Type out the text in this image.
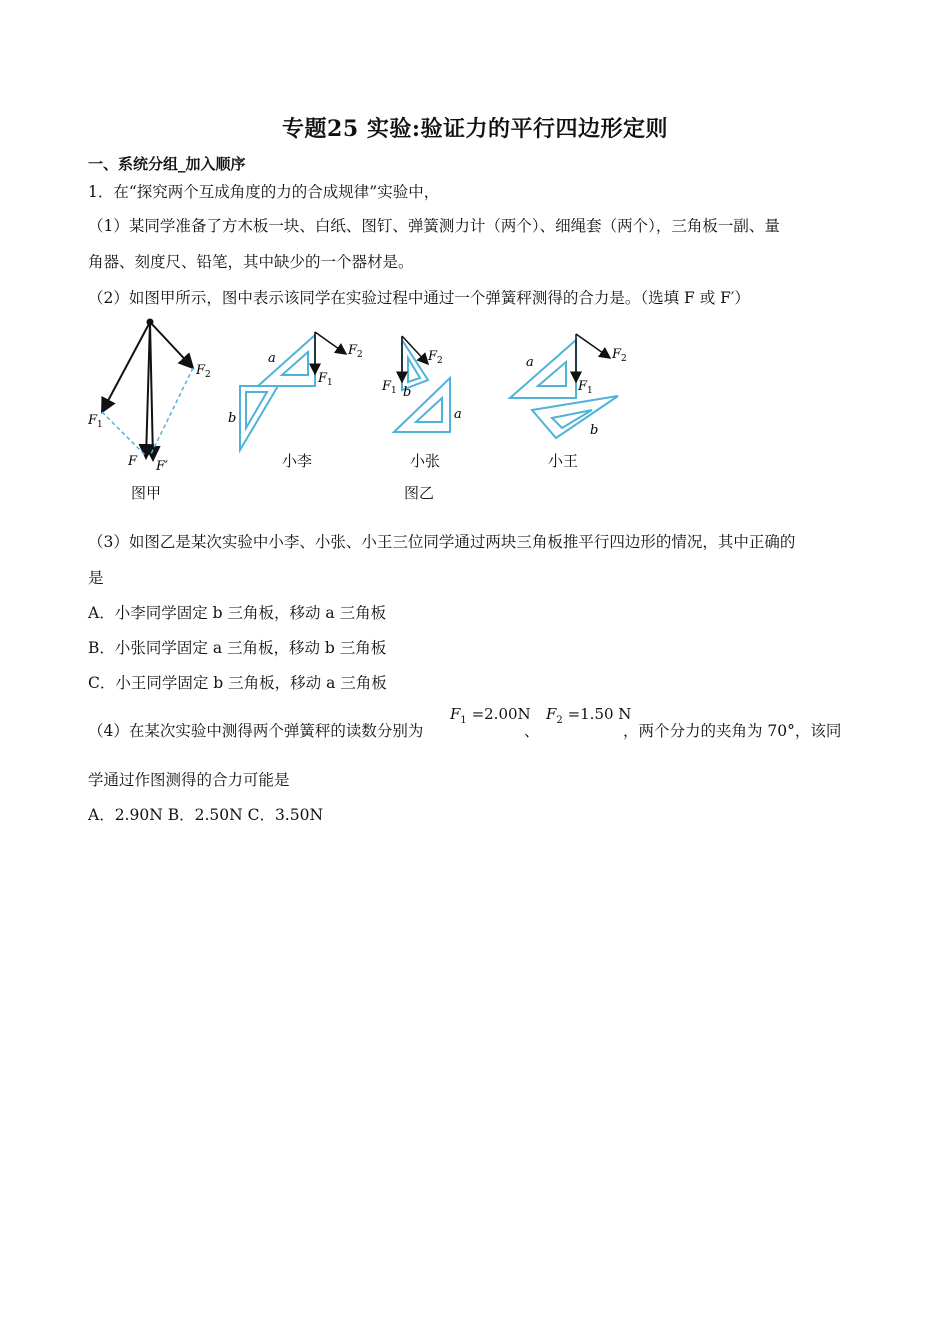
专题25 实验:验证力的平行四边形定则
一、系统分组_加入顺序
1．在“探究两个互成角度的力的合成规律”实验中，
（1）某同学准备了方木板一块、白纸、图钉、弹簧测力计（两个）、细绳套（两个），三角板一副、量
角器、刻度尺、铅笔，其中缺少的一个器材是。
（2）如图甲所示，图中表示该同学在实验过程中通过一个弹簧秤测得的合力是。（选填 F 或 F′）
$F_1$
$F_2$
F F′
a
b
$F_2$
$F_1$	$F_1$
$F_2$
b
a
a
b
$F_2$
$F_1$
小李	小张	小王
图甲	图乙
（3）如图乙是某次实验中小李、小张、小王三位同学通过两块三角板推平行四边形的情况，其中正确的
是
A．小李同学固定 b 三角板，移动 a 三角板
B．小张同学固定 a 三角板，移动 b 三角板
C．小王同学固定 b 三角板，移动 a 三角板
（4）在某次实验中测得两个弹簧秤的读数分别为
$F_1 =2.00N$
、
$F_2 =1.50$ N
，两个分力的夹角为 70°，该同
学通过作图测得的合力可能是
A．2.90N B．2.50N C．3.50N
